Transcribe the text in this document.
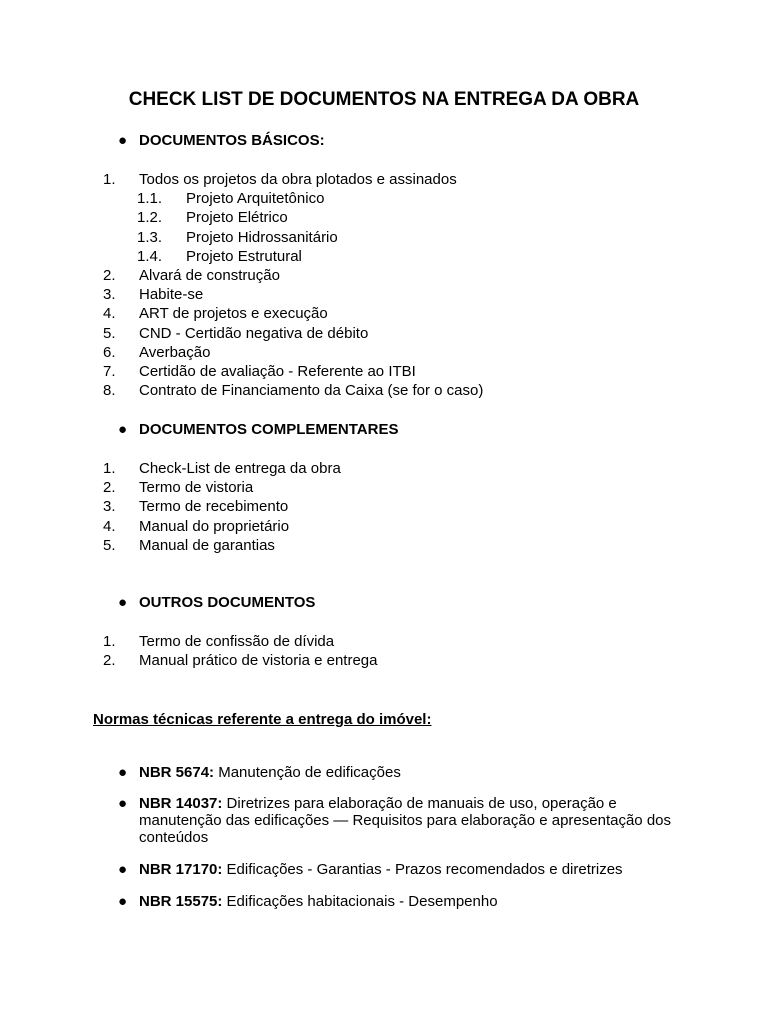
CHECK LIST DE DOCUMENTOS NA ENTREGA DA OBRA
● DOCUMENTOS BÁSICOS:
1. Todos os projetos da obra plotados e assinados
1.1. Projeto Arquitetônico
1.2. Projeto Elétrico
1.3. Projeto Hidrossanitário
1.4. Projeto Estrutural
2. Alvará de construção
3. Habite-se
4. ART de projetos e execução
5. CND - Certidão negativa de débito
6. Averbação
7. Certidão de avaliação - Referente ao ITBI
8. Contrato de Financiamento da Caixa (se for o caso)
● DOCUMENTOS COMPLEMENTARES
1. Check-List de entrega da obra
2. Termo de vistoria
3. Termo de recebimento
4. Manual do proprietário
5. Manual de garantias
● OUTROS DOCUMENTOS
1. Termo de confissão de dívida
2. Manual prático de vistoria e entrega
Normas técnicas referente a entrega do imóvel:
● NBR 5674: Manutenção de edificações
● NBR 14037: Diretrizes para elaboração de manuais de uso, operação e manutenção das edificações — Requisitos para elaboração e apresentação dos conteúdos
● NBR 17170: Edificações - Garantias - Prazos recomendados e diretrizes
● NBR 15575: Edificações habitacionais - Desempenho
